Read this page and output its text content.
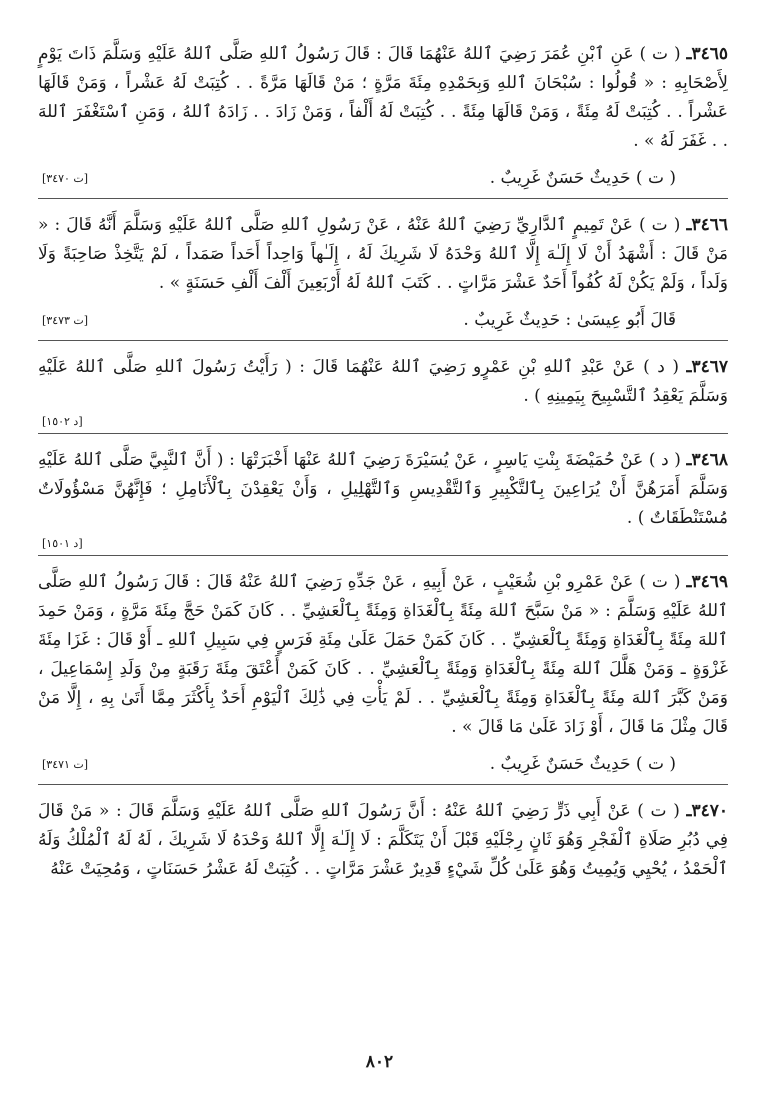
٣٤٦٥ـ ( ت ) عَنِ ٱبْنِ عُمَرَ رَضِيَ ٱللهُ عَنْهُمَا قَالَ : قَالَ رَسُولُ ٱللهِ صَلَّى ٱللهُ عَلَيْهِ وَسَلَّمَ ذَاتَ يَوْمٍ لِأَصْحَابِهِ : « قُولُوا : سُبْحَانَ ٱللهِ وَبِحَمْدِهِ مِئَةَ مَرَّةٍ ؛ مَنْ قَالَهَا مَرَّةً . . كُتِبَتْ لَهُ عَشْراً ، وَمَنْ قَالَهَا عَشْراً . . كُتِبَتْ لَهُ مِئَةً ، وَمَنْ قَالَهَا مِئَةً . . كُتِبَتْ لَهُ أَلْفاً ، وَمَنْ زَادَ . . زَادَهُ ٱللهُ ، وَمَنِ ٱسْتَغْفَرَ ٱللهَ . . غَفَرَ لَهُ » .

( ت ) حَدِيثٌ حَسَنٌ غَرِيبٌ .
[ت ٣٤٧٠]

٣٤٦٦ـ ( ت ) عَنْ تَمِيمٍ ٱلدَّارِيِّ رَضِيَ ٱللهُ عَنْهُ ، عَنْ رَسُولِ ٱللهِ صَلَّى ٱللهُ عَلَيْهِ وَسَلَّمَ أَنَّهُ قَالَ : « مَنْ قَالَ : أَشْهَدُ أَنْ لَا إِلَـٰهَ إِلَّا ٱللهُ وَحْدَهُ لَا شَرِيكَ لَهُ ، إِلَـٰهاً وَاحِداً أَحَداً صَمَداً ، لَمْ يَتَّخِذْ صَاحِبَةً وَلَا وَلَداً ، وَلَمْ يَكُنْ لَهُ كُفُواً أَحَدٌ عَشْرَ مَرَّاتٍ . . كَتَبَ ٱللهُ لَهُ أَرْبَعِينَ أَلْفَ أَلْفِ حَسَنَةٍ » .

قَالَ أَبُو عِيسَىٰ : حَدِيثٌ غَرِيبٌ .
[ت ٣٤٧٣]

٣٤٦٧ـ ( د ) عَنْ عَبْدِ ٱللهِ بْنِ عَمْرٍو رَضِيَ ٱللهُ عَنْهُمَا قَالَ : ( رَأَيْتُ رَسُولَ ٱللهِ صَلَّى ٱللهُ عَلَيْهِ وَسَلَّمَ يَعْقِدُ ٱلتَّسْبِيحَ بِيَمِينِهِ ) .

[د ١٥٠٢]

٣٤٦٨ـ ( د ) عَنْ حُمَيْضَةَ بِنْتِ يَاسِرٍ ، عَنْ يُسَيْرَةَ رَضِيَ ٱللهُ عَنْهَا أَخْبَرَتْهَا : ( أَنَّ ٱلنَّبِيَّ صَلَّى ٱللهُ عَلَيْهِ وَسَلَّمَ أَمَرَهُنَّ أَنْ يُرَاعِينَ بِٱلتَّكْبِيرِ وَٱلتَّقْدِيسِ وَٱلتَّهْلِيلِ ، وَأَنْ يَعْقِدْنَ بِٱلْأَنَامِلِ ؛ فَإِنَّهُنَّ مَسْؤُولَاتٌ مُسْتَنْطَقَاتٌ ) .

[د ١٥٠١]

٣٤٦٩ـ ( ت ) عَنْ عَمْرِو بْنِ شُعَيْبٍ ، عَنْ أَبِيهِ ، عَنْ جَدِّهِ رَضِيَ ٱللهُ عَنْهُ قَالَ : قَالَ رَسُولُ ٱللهِ صَلَّى ٱللهُ عَلَيْهِ وَسَلَّمَ : « مَنْ سَبَّحَ ٱللهَ مِئَةً بِٱلْغَدَاةِ وَمِئَةً بِٱلْعَشِيِّ . . كَانَ كَمَنْ حَجَّ مِئَةَ مَرَّةٍ ، وَمَنْ حَمِدَ ٱللهَ مِئَةً بِٱلْغَدَاةِ وَمِئَةً بِٱلْعَشِيِّ . . كَانَ كَمَنْ حَمَلَ عَلَىٰ مِئَةِ فَرَسٍ فِي سَبِيلِ ٱللهِ ـ أَوْ قَالَ : غَزَا مِئَةَ غَزْوَةٍ ـ وَمَنْ هَلَّلَ ٱللهَ مِئَةً بِٱلْغَدَاةِ وَمِئَةً بِٱلْعَشِيِّ . . كَانَ كَمَنْ أَعْتَقَ مِئَةَ رَقَبَةٍ مِنْ وَلَدِ إِسْمَاعِيلَ ، وَمَنْ كَبَّرَ ٱللهَ مِئَةً بِٱلْغَدَاةِ وَمِئَةً بِٱلْعَشِيِّ . . لَمْ يَأْتِ فِي ذَٰلِكَ ٱلْيَوْمِ أَحَدٌ بِأَكْثَرَ مِمَّا أَتَىٰ بِهِ ، إِلَّا مَنْ قَالَ مِثْلَ مَا قَالَ ، أَوْ زَادَ عَلَىٰ مَا قَالَ » .

( ت ) حَدِيثٌ حَسَنٌ غَرِيبٌ .
[ت ٣٤٧١]

٣٤٧٠ـ ( ت ) عَنْ أَبِي ذَرٍّ رَضِيَ ٱللهُ عَنْهُ : أَنَّ رَسُولَ ٱللهِ صَلَّى ٱللهُ عَلَيْهِ وَسَلَّمَ قَالَ : « مَنْ قَالَ فِي دُبُرِ صَلَاةِ ٱلْفَجْرِ وَهُوَ ثَانٍ رِجْلَيْهِ قَبْلَ أَنْ يَتَكَلَّمَ : لَا إِلَـٰهَ إِلَّا ٱللهُ وَحْدَهُ لَا شَرِيكَ ، لَهُ لَهُ ٱلْمُلْكُ وَلَهُ ٱلْحَمْدُ ، يُحْيِي وَيُمِيتُ وَهُوَ عَلَىٰ كُلِّ شَيْءٍ قَدِيرٌ عَشْرَ مَرَّاتٍ . . كُتِبَتْ لَهُ عَشْرُ حَسَنَاتٍ ، وَمُحِيَتْ عَنْهُ

٨٠٢
